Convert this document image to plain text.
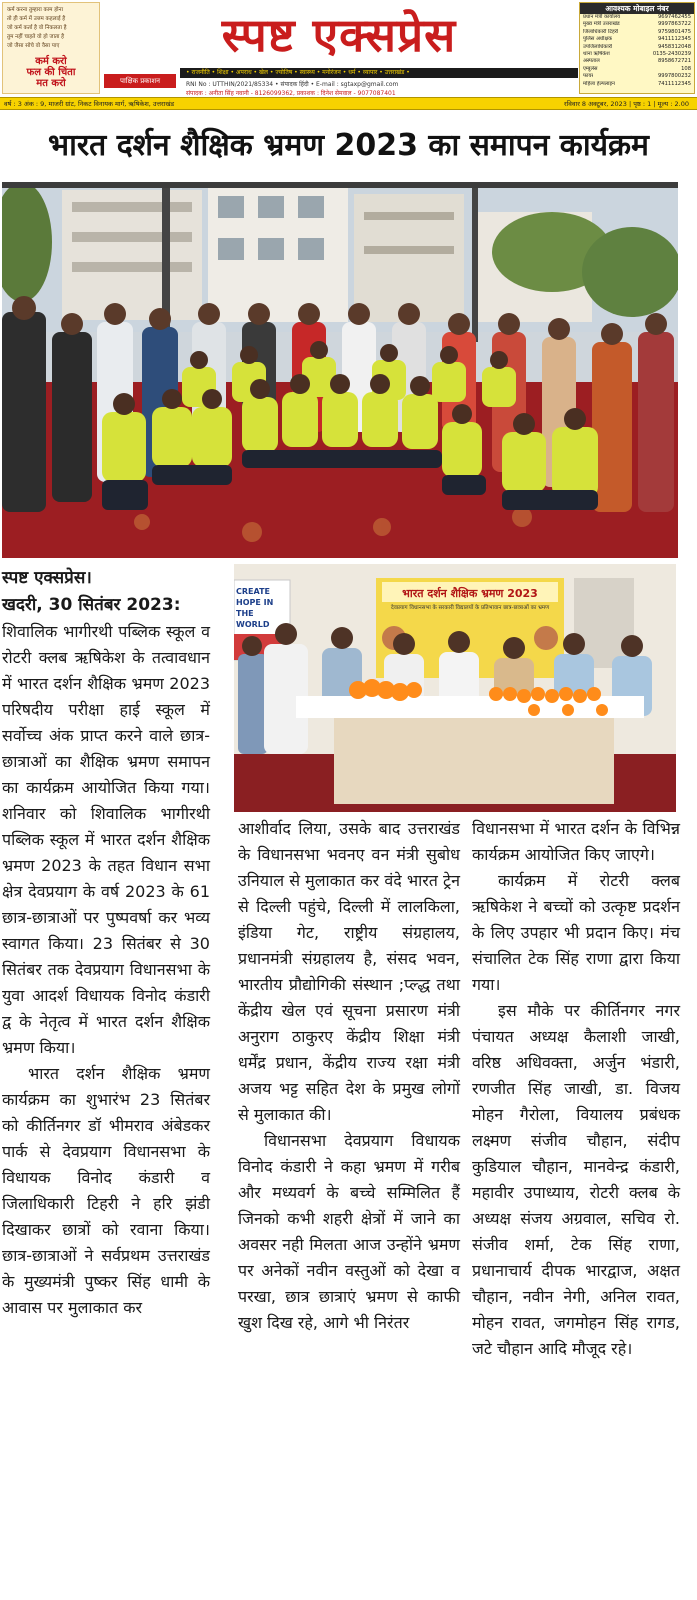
कर्म करना तुम्हारा काम होना
तो ही कर्म में उत्तम कहलाई है
जो कर्म कर्ता है वो निकलता है
तुम नहीं चाहते वो हो जाता है
जो जैसा सोचे वो वैसा पाए
कर्म करो
फल की चिंता
मत करो
स्पष्ट एक्सप्रेस
पाक्षिक प्रकाशन
• राजनीति • शिक्षा • अपराध • खेल • ज्योतिष • स्वास्थ्य • मनोरंजन • धर्म • व्यापार • उत्तराखंड •
RNI No : UTTHIN/2021/85334 • संपादक हिंदी • E-mail : sgtaxp@gmail.com
संपादक : अनीता सिंह नवानी - 8126099362, प्रकाशक : दिनेश सेमवाल - 9077087401
आवश्यक मोबाइल नंबर
प्रधान मंत्री कार्यालय	9697462455
मुख्य मंत्री उत्तराखंड	9997863722
जिलाधिकारी टिहरी	9759801475
पुलिस अधीक्षक	9411112345
उपजिलाधिकारी	9458312048
थाना ऋषिकेश	0135-2430239
अस्पताल	8958672721
एम्बुलेंस	108
फायर	9997800232
महिला हेल्पलाइन	7411112345
वर्ष : 3 अंक : 9, माजरी ग्रांट, निकट विनायक मार्ग, ऋषिकेश, उत्तराखंड	रविवार 8 अक्टूबर, 2023 | पृष्ठ : 1 | मूल्य : 2.00
भारत दर्शन शैक्षिक भ्रमण 2023 का समापन कार्यक्रम
CREATE HOPE IN THE WORLD
भारत दर्शन शैक्षिक भ्रमण 2023
देवप्रयाग विधानसभा के सरकारी विद्यालयों के प्रतिभावान छात्र-छात्राओं का भ्रमण
स्पष्ट एक्सप्रेस।
खदरी, 30 सितंबर 2023:

शिवालिक भागीरथी पब्लिक स्कूल व रोटरी क्लब ऋषिकेश के तत्वावधान में भारत दर्शन शैक्षिक भ्रमण 2023 परिषदीय परीक्षा हाई स्कूल में सर्वोच्च अंक प्राप्त करने वाले छात्र-छात्राओं का शैक्षिक भ्रमण समापन का कार्यक्रम आयोजित किया गया।शनिवार को शिवालिक भागीरथी पब्लिक स्कूल में भारत दर्शन शैक्षिक भ्रमण 2023 के तहत विधान सभा क्षेत्र देवप्रयाग के वर्ष 2023 के 61 छात्र-छात्राओं पर पुष्पवर्षा कर भव्य स्वागत किया। 23 सितंबर से 30 सितंबर तक देवप्रयाग विधानसभा के युवा आदर्श विधायक विनोद कंडारी द्व के नेतृत्व में भारत दर्शन शैक्षिक भ्रमण किया।

भारत दर्शन शैक्षिक भ्रमण कार्यक्रम का शुभारंभ 23 सितंबर को कीर्तिनगर डॉ भीमराव अंबेडकर पार्क से देवप्रयाग विधानसभा के विधायक विनोद कंडारी व जिलाधिकारी टिहरी ने हरि झंडी दिखाकर छात्रों को रवाना किया। छात्र-छात्राओं ने सर्वप्रथम उत्तराखंड के मुख्यमंत्री पुष्कर सिंह धामी के आवास पर मुलाकात कर

आशीर्वाद लिया, उसके बाद उत्तराखंड के विधानसभा भवनए वन मंत्री सुबोध उनियाल से मुलाकात कर वंदे भारत ट्रेन से दिल्ली पहुंचे, दिल्ली में लालकिला, इंडिया गेट, राष्ट्रीय संग्रहालय, प्रधानमंत्री संग्रहालय है, संसद भवन, भारतीय प्रौद्योगिकी संस्थान ;प्ल्द्ध तथा केंद्रीय खेल एवं सूचना प्रसारण मंत्री अनुराग ठाकुरए केंद्रीय शिक्षा मंत्री धर्मेंद्र प्रधान, केंद्रीय राज्य रक्षा मंत्री अजय भट्ट सहित देश के प्रमुख लोगों से मुलाकात की।

विधानसभा देवप्रयाग विधायक विनोद कंडारी ने कहा भ्रमण में गरीब और मध्यवर्ग के बच्चे सम्मिलित हैं जिनको कभी शहरी क्षेत्रों में जाने का अवसर नही मिलता आज उन्होंने भ्रमण पर अनेकों नवीन वस्तुओं को देखा व परखा, छात्र छात्राएं भ्रमण से काफी खुश दिख रहे, आगे भी निरंतर

विधानसभा में भारत दर्शन के विभिन्न कार्यक्रम आयोजित किए जाएगे।

कार्यक्रम में रोटरी क्लब ऋषिकेश ने बच्चों को उत्कृष्ट प्रदर्शन के लिए उपहार भी प्रदान किए। मंच संचालित टेक सिंह राणा द्वारा किया गया।

इस मौके पर कीर्तिनगर नगर पंचायत अध्यक्ष कैलाशी जाखी, वरिष्ठ अधिवक्ता, अर्जुन भंडारी, रणजीत सिंह जाखी, डा. विजय मोहन गैरोला, वियालय प्रबंधक लक्ष्मण संजीव चौहान, संदीप कुडियाल चौहान, मानवेन्द्र कंडारी, महावीर उपाध्याय, रोटरी क्लब के अध्यक्ष संजय अग्रवाल, सचिव रो. संजीव शर्मा, टेक सिंह राणा, प्रधानाचार्य दीपक भारद्वाज, अक्षत चौहान, नवीन नेगी, अनिल रावत, मोहन रावत, जगमोहन सिंह रागड, जटे चौहान आदि मौजूद रहे।
